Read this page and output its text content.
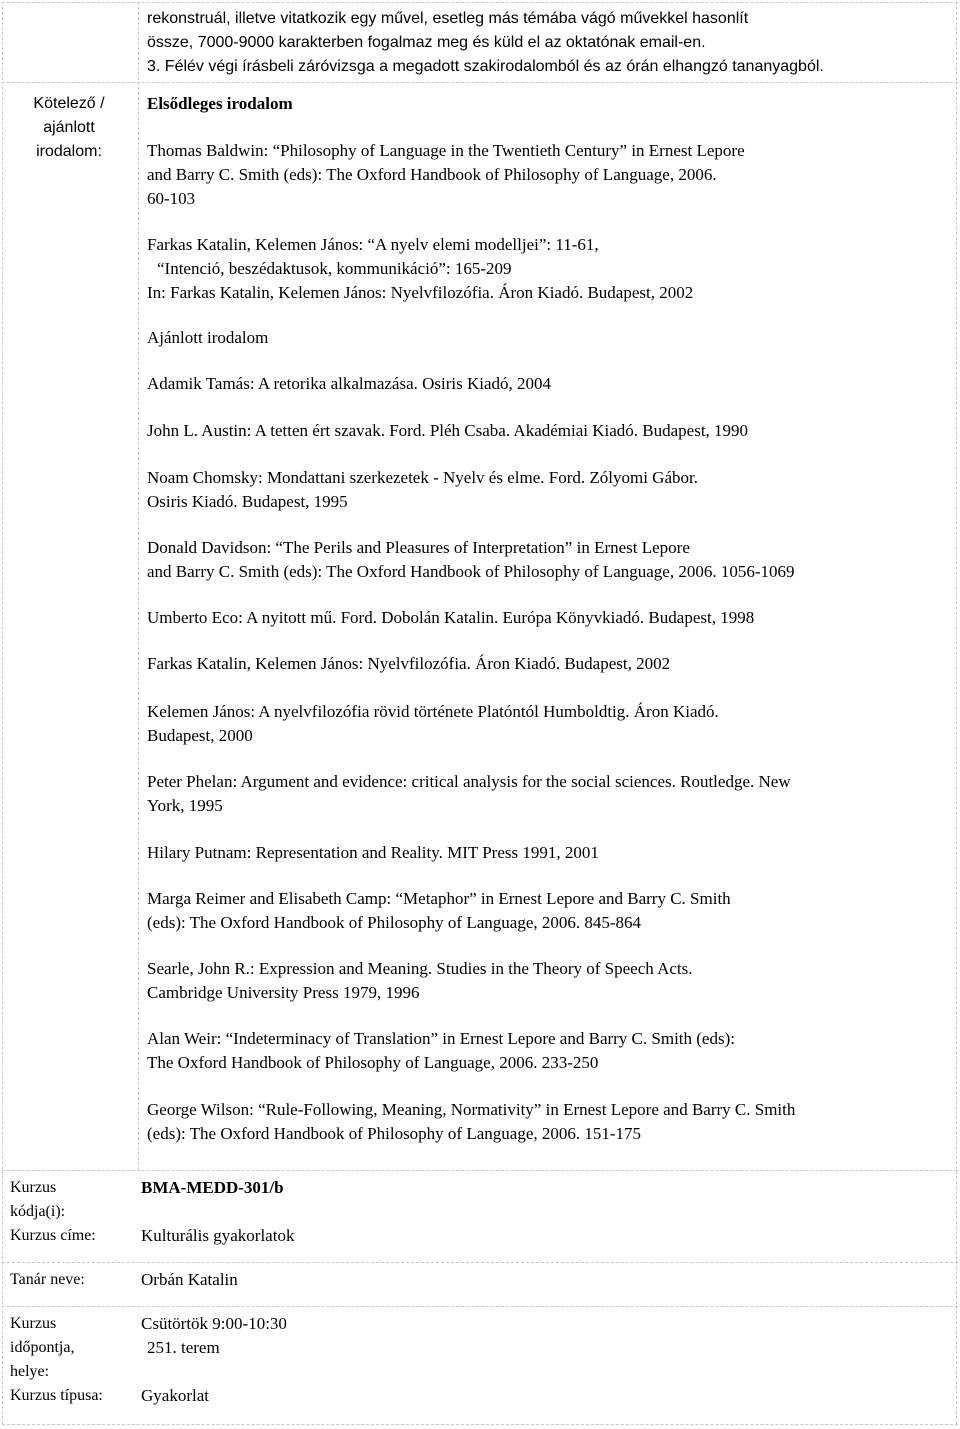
rekonstruál, illetve vitatkozik egy művel, esetleg más témába vágó művekkel hasonlít
össze, 7000-9000 karakterben fogalmaz meg és küld el az oktatónak email-en.
3. Félév végi írásbeli záróvizsga a megadott szakirodalomból és az órán elhangzó tananyagból.
Kötelező /
ajánlott
irodalom:
Elsődleges irodalom
Thomas Baldwin: “Philosophy of Language in the Twentieth Century” in Ernest Lepore
and Barry C. Smith (eds): The Oxford Handbook of Philosophy of Language, 2006.
60-103
Farkas Katalin, Kelemen János: “A nyelv elemi modelljei”: 11-61,
“Intenció, beszédaktusok, kommunikáció”: 165-209
In: Farkas Katalin, Kelemen János: Nyelvfilozófia. Áron Kiadó. Budapest, 2002
Ajánlott irodalom
Adamik Tamás: A retorika alkalmazása. Osiris Kiadó, 2004
John L. Austin: A tetten ért szavak. Ford. Pléh Csaba. Akadémiai Kiadó. Budapest, 1990
Noam Chomsky: Mondattani szerkezetek - Nyelv és elme. Ford. Zólyomi Gábor.
Osiris Kiadó. Budapest, 1995
Donald Davidson: “The Perils and Pleasures of Interpretation” in Ernest Lepore
and Barry C. Smith (eds): The Oxford Handbook of Philosophy of Language, 2006. 1056-1069
Umberto Eco: A nyitott mű. Ford. Dobolán Katalin. Európa Könyvkiadó. Budapest, 1998
Farkas Katalin, Kelemen János: Nyelvfilozófia. Áron Kiadó. Budapest, 2002
Kelemen János: A nyelvfilozófia rövid története Platóntól Humboldtig. Áron Kiadó.
Budapest, 2000
Peter Phelan: Argument and evidence: critical analysis for the social sciences. Routledge. New
York, 1995
Hilary Putnam: Representation and Reality. MIT Press 1991, 2001
Marga Reimer and Elisabeth Camp: “Metaphor” in Ernest Lepore and Barry C. Smith
(eds): The Oxford Handbook of Philosophy of Language, 2006. 845-864
Searle, John R.: Expression and Meaning. Studies in the Theory of Speech Acts.
Cambridge University Press 1979, 1996
Alan Weir: “Indeterminacy of Translation” in Ernest Lepore and Barry C. Smith (eds):
The Oxford Handbook of Philosophy of Language, 2006. 233-250
George Wilson: “Rule-Following, Meaning, Normativity” in Ernest Lepore and Barry C. Smith
(eds): The Oxford Handbook of Philosophy of Language, 2006. 151-175
Kurzus
kódja(i):
BMA-MEDD-301/b
Kurzus címe:	Kulturális gyakorlatok
Tanár neve:	Orbán Katalin
Kurzus
időpontja,
helye:
Csütörtök 9:00-10:30
251. terem
Kurzus típusa: Gyakorlat
